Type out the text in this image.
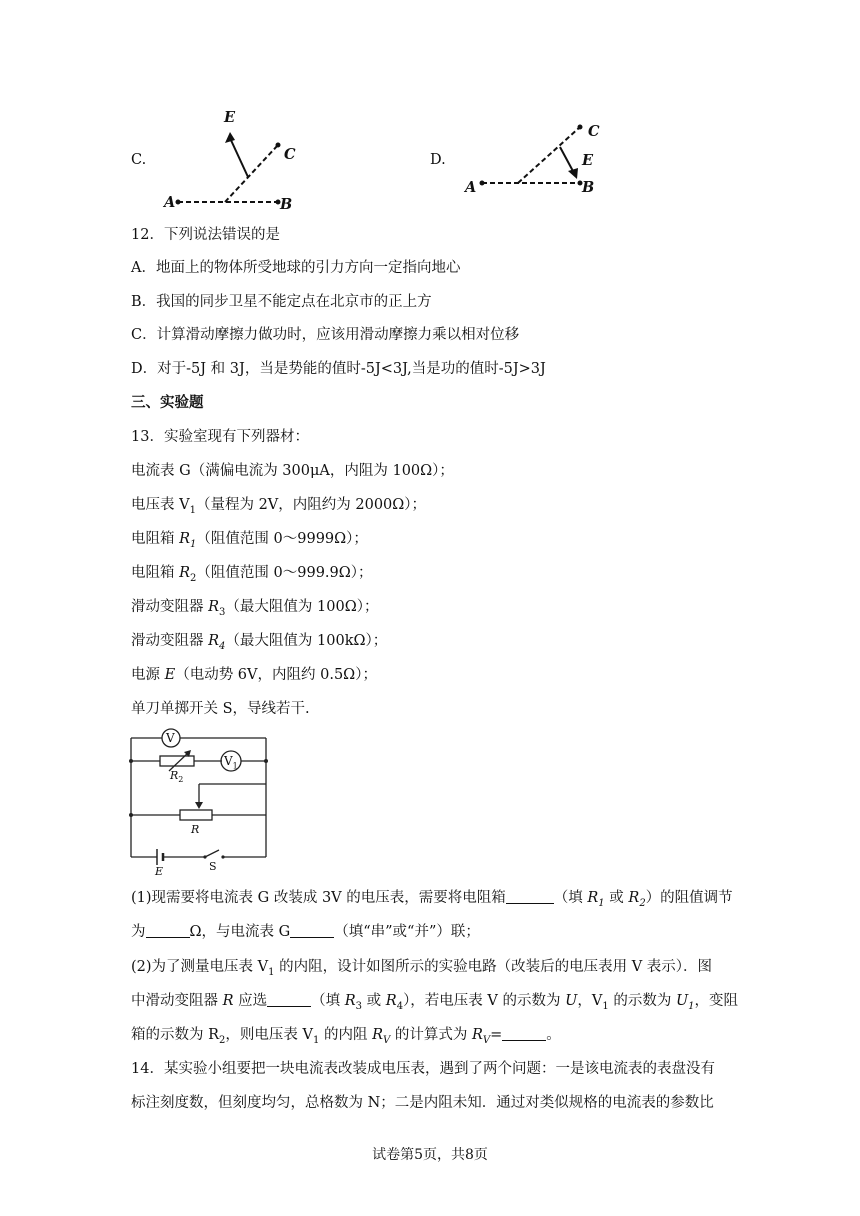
C.
E
A	B
C	D.
A	B
C
E
12．下列说法错误的是
A．地面上的物体所受地球的引力方向一定指向地心
B．我国的同步卫星不能定点在北京市的正上方
C．计算滑动摩擦力做功时，应该用滑动摩擦力乘以相对位移
D．对于-5J 和 3J，当是势能的值时-5J<3J,当是功的值时-5J>3J
三、实验题
13．实验室现有下列器材：
电流表 G（满偏电流为 300μA，内阻为 100Ω）；
电压表 $V_1$（量程为 2V，内阻约为 2000Ω）；
电阻箱 $R_1$（阻值范围 0～9999Ω）；
电阻箱 $R_2$（阻值范围 0～999.9Ω）；
滑动变阻器 $R_3$（最大阻值为 100Ω）；
滑动变阻器 $R_4$（最大阻值为 100kΩ）；
电源 E（电动势 6V，内阻约 0.5Ω）；
单刀单掷开关 S，导线若干.
V
$V_1$
$R_2$
R
E	S
(1)现需要将电流表 G 改装成 3V 的电压表，需要将电阻箱	（填 $R_1$ 或 $R_2$）的阻值调节
为	Ω，与电流表 G	（填“串”或“并”）联；
(2)为了测量电压表 $V_1$ 的内阻，设计如图所示的实验电路（改装后的电压表用 V 表示）．图
中滑动变阻器 R 应选	（填 $R_3$ 或 $R_4$），若电压表 V 的示数为 U，$V_1$ 的示数为 $U_1$，变阻
箱的示数为 $R_2$，则电压表 $V_1$ 的内阻 $R_V$ 的计算式为 $R_V=$	。
14．某实验小组要把一块电流表改装成电压表，遇到了两个问题：一是该电流表的表盘没有
标注刻度数，但刻度均匀，总格数为 N；二是内阻未知．通过对类似规格的电流表的参数比
试卷第5页，共8页
